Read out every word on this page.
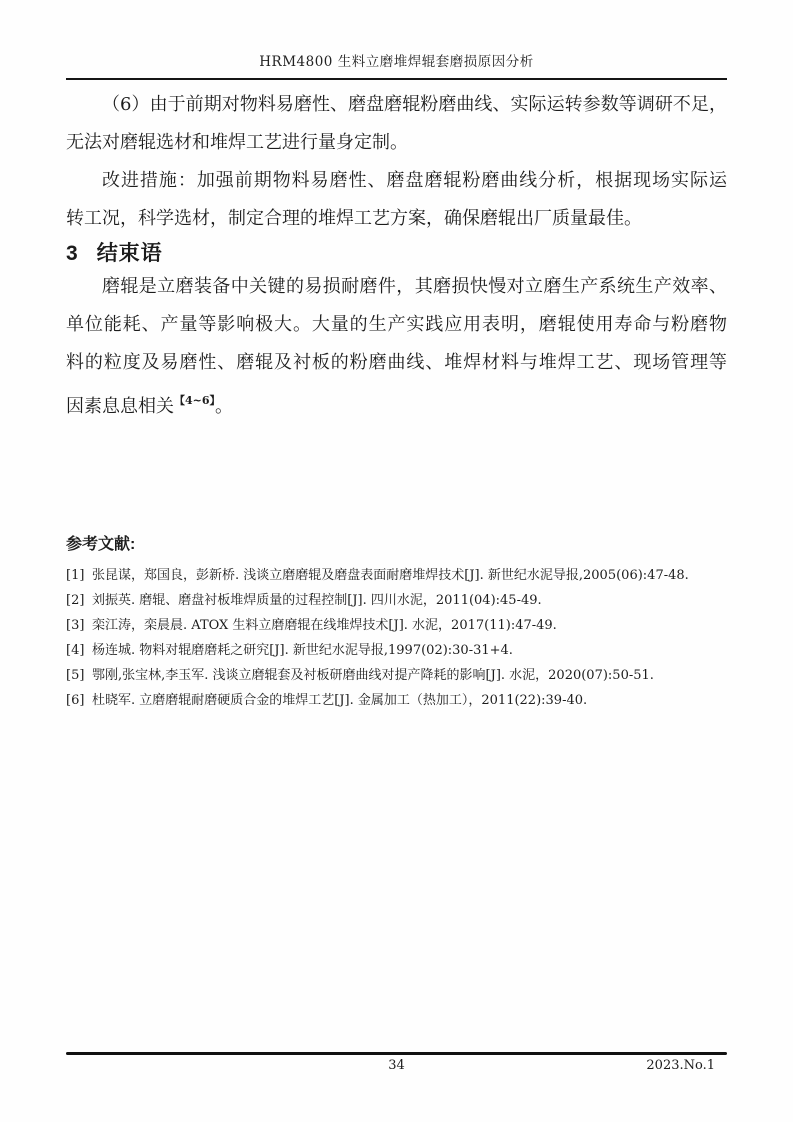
HRM4800 生料立磨堆焊辊套磨损原因分析
（6）由于前期对物料易磨性、磨盘磨辊粉磨曲线、实际运转参数等调研不足，
无法对磨辊选材和堆焊工艺进行量身定制。
改进措施：加强前期物料易磨性、磨盘磨辊粉磨曲线分析，根据现场实际运
转工况，科学选材，制定合理的堆焊工艺方案，确保磨辊出厂质量最佳。
3 结束语
磨辊是立磨装备中关键的易损耐磨件，其磨损快慢对立磨生产系统生产效率、
单位能耗、产量等影响极大。大量的生产实践应用表明，磨辊使用寿命与粉磨物
料的粒度及易磨性、磨辊及衬板的粉磨曲线、堆焊材料与堆焊工艺、现场管理等
因素息息相关$^{【4\sim 6】}$。
参考文献:
[1] 张昆谋，郑国良，彭新桥. 浅谈立磨磨辊及磨盘表面耐磨堆焊技术[J]. 新世纪水泥导报,2005(06):47-48.
[2] 刘振英. 磨辊、磨盘衬板堆焊质量的过程控制[J]. 四川水泥，2011(04):45-49.
[3] 栾江涛，栾晨晨. ATOX 生料立磨磨辊在线堆焊技术[J]. 水泥，2017(11):47-49.
[4] 杨连城. 物料对辊磨磨耗之研究[J]. 新世纪水泥导报,1997(02):30-31+4.
[5] 鄂刚,张宝林,李玉军. 浅谈立磨辊套及衬板研磨曲线对提产降耗的影响[J]. 水泥，2020(07):50-51.
[6] 杜晓军. 立磨磨辊耐磨硬质合金的堆焊工艺[J]. 金属加工（热加工），2011(22):39-40.
34	2023.No.1
